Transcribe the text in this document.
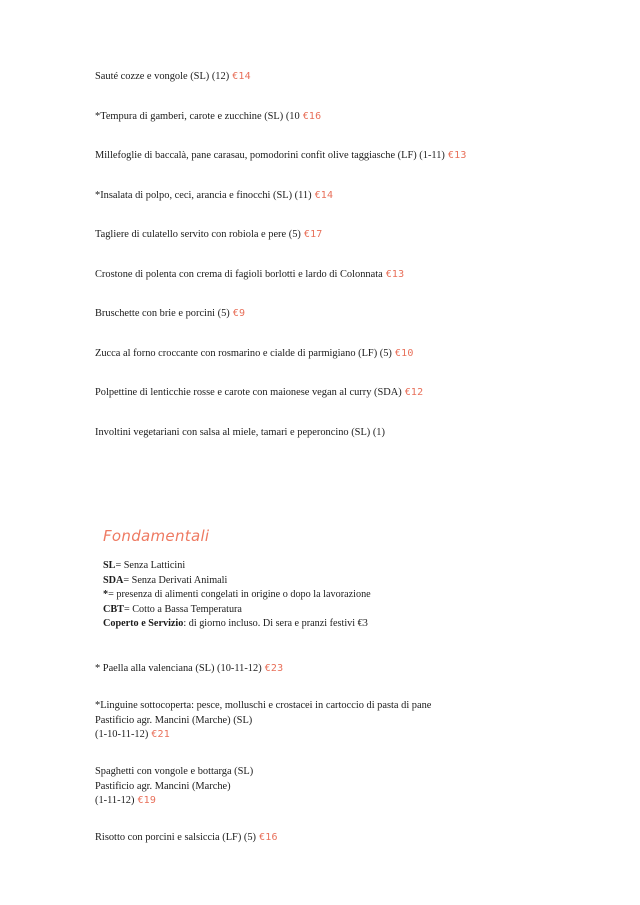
Sauté cozze e vongole (SL) (12) €14

*Tempura di gamberi, carote e zucchine (SL) (10 €16

Millefoglie di baccalà, pane carasau, pomodorini confit olive taggiasche (LF) (1-11) €13

*Insalata di polpo, ceci, arancia e finocchi (SL) (11) €14

Tagliere di culatello servito con robiola e pere (5) €17

Crostone di polenta con crema di fagioli borlotti e lardo di Colonnata €13

Bruschette con brie e porcini (5) €9

Zucca al forno croccante con rosmarino e cialde di parmigiano (LF) (5) €10

Polpettine di lenticchie rosse e carote con maionese vegan al curry (SDA) €12

Involtini vegetariani con salsa al miele, tamari e peperoncino (SL) (1)

Fondamentali
SL= Senza Latticini
SDA= Senza Derivati Animali
*= presenza di alimenti congelati in origine o dopo la lavorazione
CBT= Cotto a Bassa Temperatura
Coperto e Servizio: di giorno incluso. Di sera e pranzi festivi €3
* Paella alla valenciana (SL) (10-11-12) €23
*Linguine sottocoperta: pesce, molluschi e crostacei in cartoccio di pasta di pane
Pastificio agr. Mancini (Marche) (SL)
(1-10-11-12) €21
Spaghetti con vongole e bottarga (SL)
Pastificio agr. Mancini (Marche)
(1-11-12) €19
Risotto con porcini e salsiccia (LF) (5) €16
